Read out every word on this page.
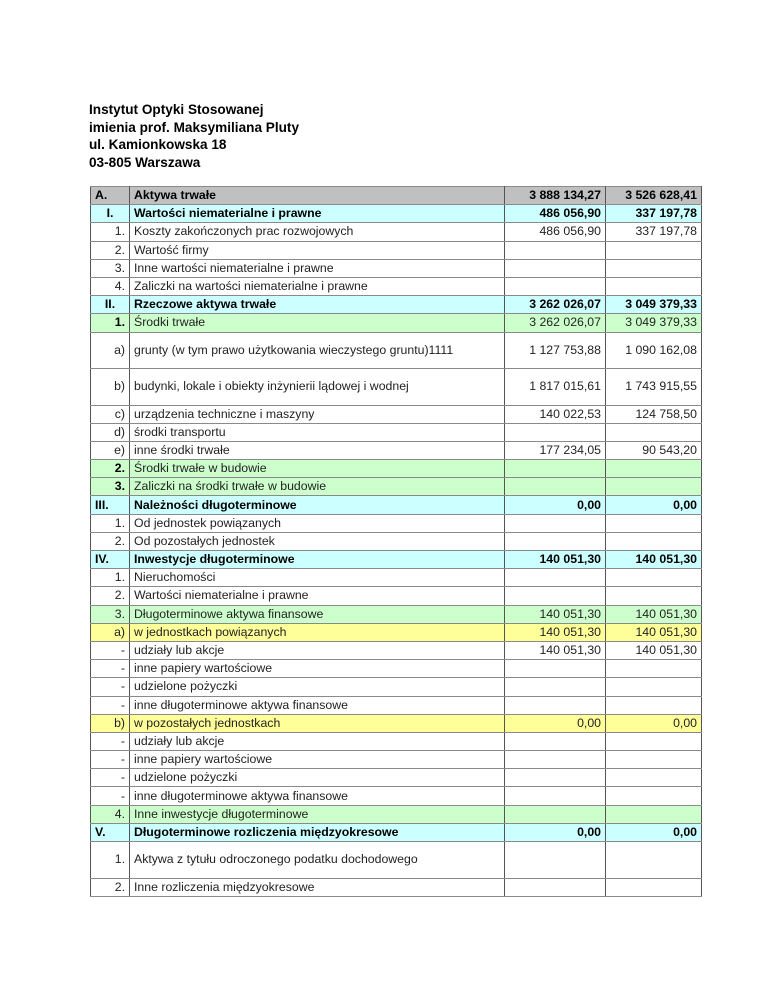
Instytut Optyki Stosowanej
imienia prof. Maksymiliana Pluty
ul. Kamionkowska 18
03-805 Warszawa
A.	Aktywa trwałe	3 888 134,27	3 526 628,41
I.	Wartości niematerialne i prawne	486 056,90	337 197,78
1.	Koszty zakończonych prac rozwojowych	486 056,90	337 197,78
2.	Wartość firmy		
3.	Inne wartości niematerialne i prawne		
4.	Zaliczki na wartości niematerialne i prawne		
II.	Rzeczowe aktywa trwałe	3 262 026,07	3 049 379,33
1.	Środki trwałe	3 262 026,07	3 049 379,33
a)	grunty (w tym prawo użytkowania wieczystego gruntu)1111	1 127 753,88	1 090 162,08
b)	budynki, lokale i obiekty inżynierii lądowej i wodnej	1 817 015,61	1 743 915,55
c)	urządzenia techniczne i maszyny	140 022,53	124 758,50
d)	środki transportu		
e)	inne środki trwałe	177 234,05	90 543,20
2.	Środki trwałe w budowie		
3.	Zaliczki na środki trwałe w budowie		
III.	Należności długoterminowe	0,00	0,00
1.	Od jednostek powiązanych		
2.	Od pozostałych jednostek		
IV.	Inwestycje długoterminowe	140 051,30	140 051,30
1.	Nieruchomości		
2.	Wartości niematerialne i prawne		
3.	Długoterminowe aktywa finansowe	140 051,30	140 051,30
a)	w jednostkach powiązanych	140 051,30	140 051,30
-	udziały lub akcje	140 051,30	140 051,30
-	inne papiery wartościowe		
-	udzielone pożyczki		
-	inne długoterminowe aktywa finansowe		
b)	w pozostałych jednostkach	0,00	0,00
-	udziały lub akcje		
-	inne papiery wartościowe		
-	udzielone pożyczki		
-	inne długoterminowe aktywa finansowe		
4.	Inne inwestycje długoterminowe		
V.	Długoterminowe rozliczenia międzyokresowe	0,00	0,00
1.	Aktywa z tytułu odroczonego podatku dochodowego		
2.	Inne rozliczenia międzyokresowe		
